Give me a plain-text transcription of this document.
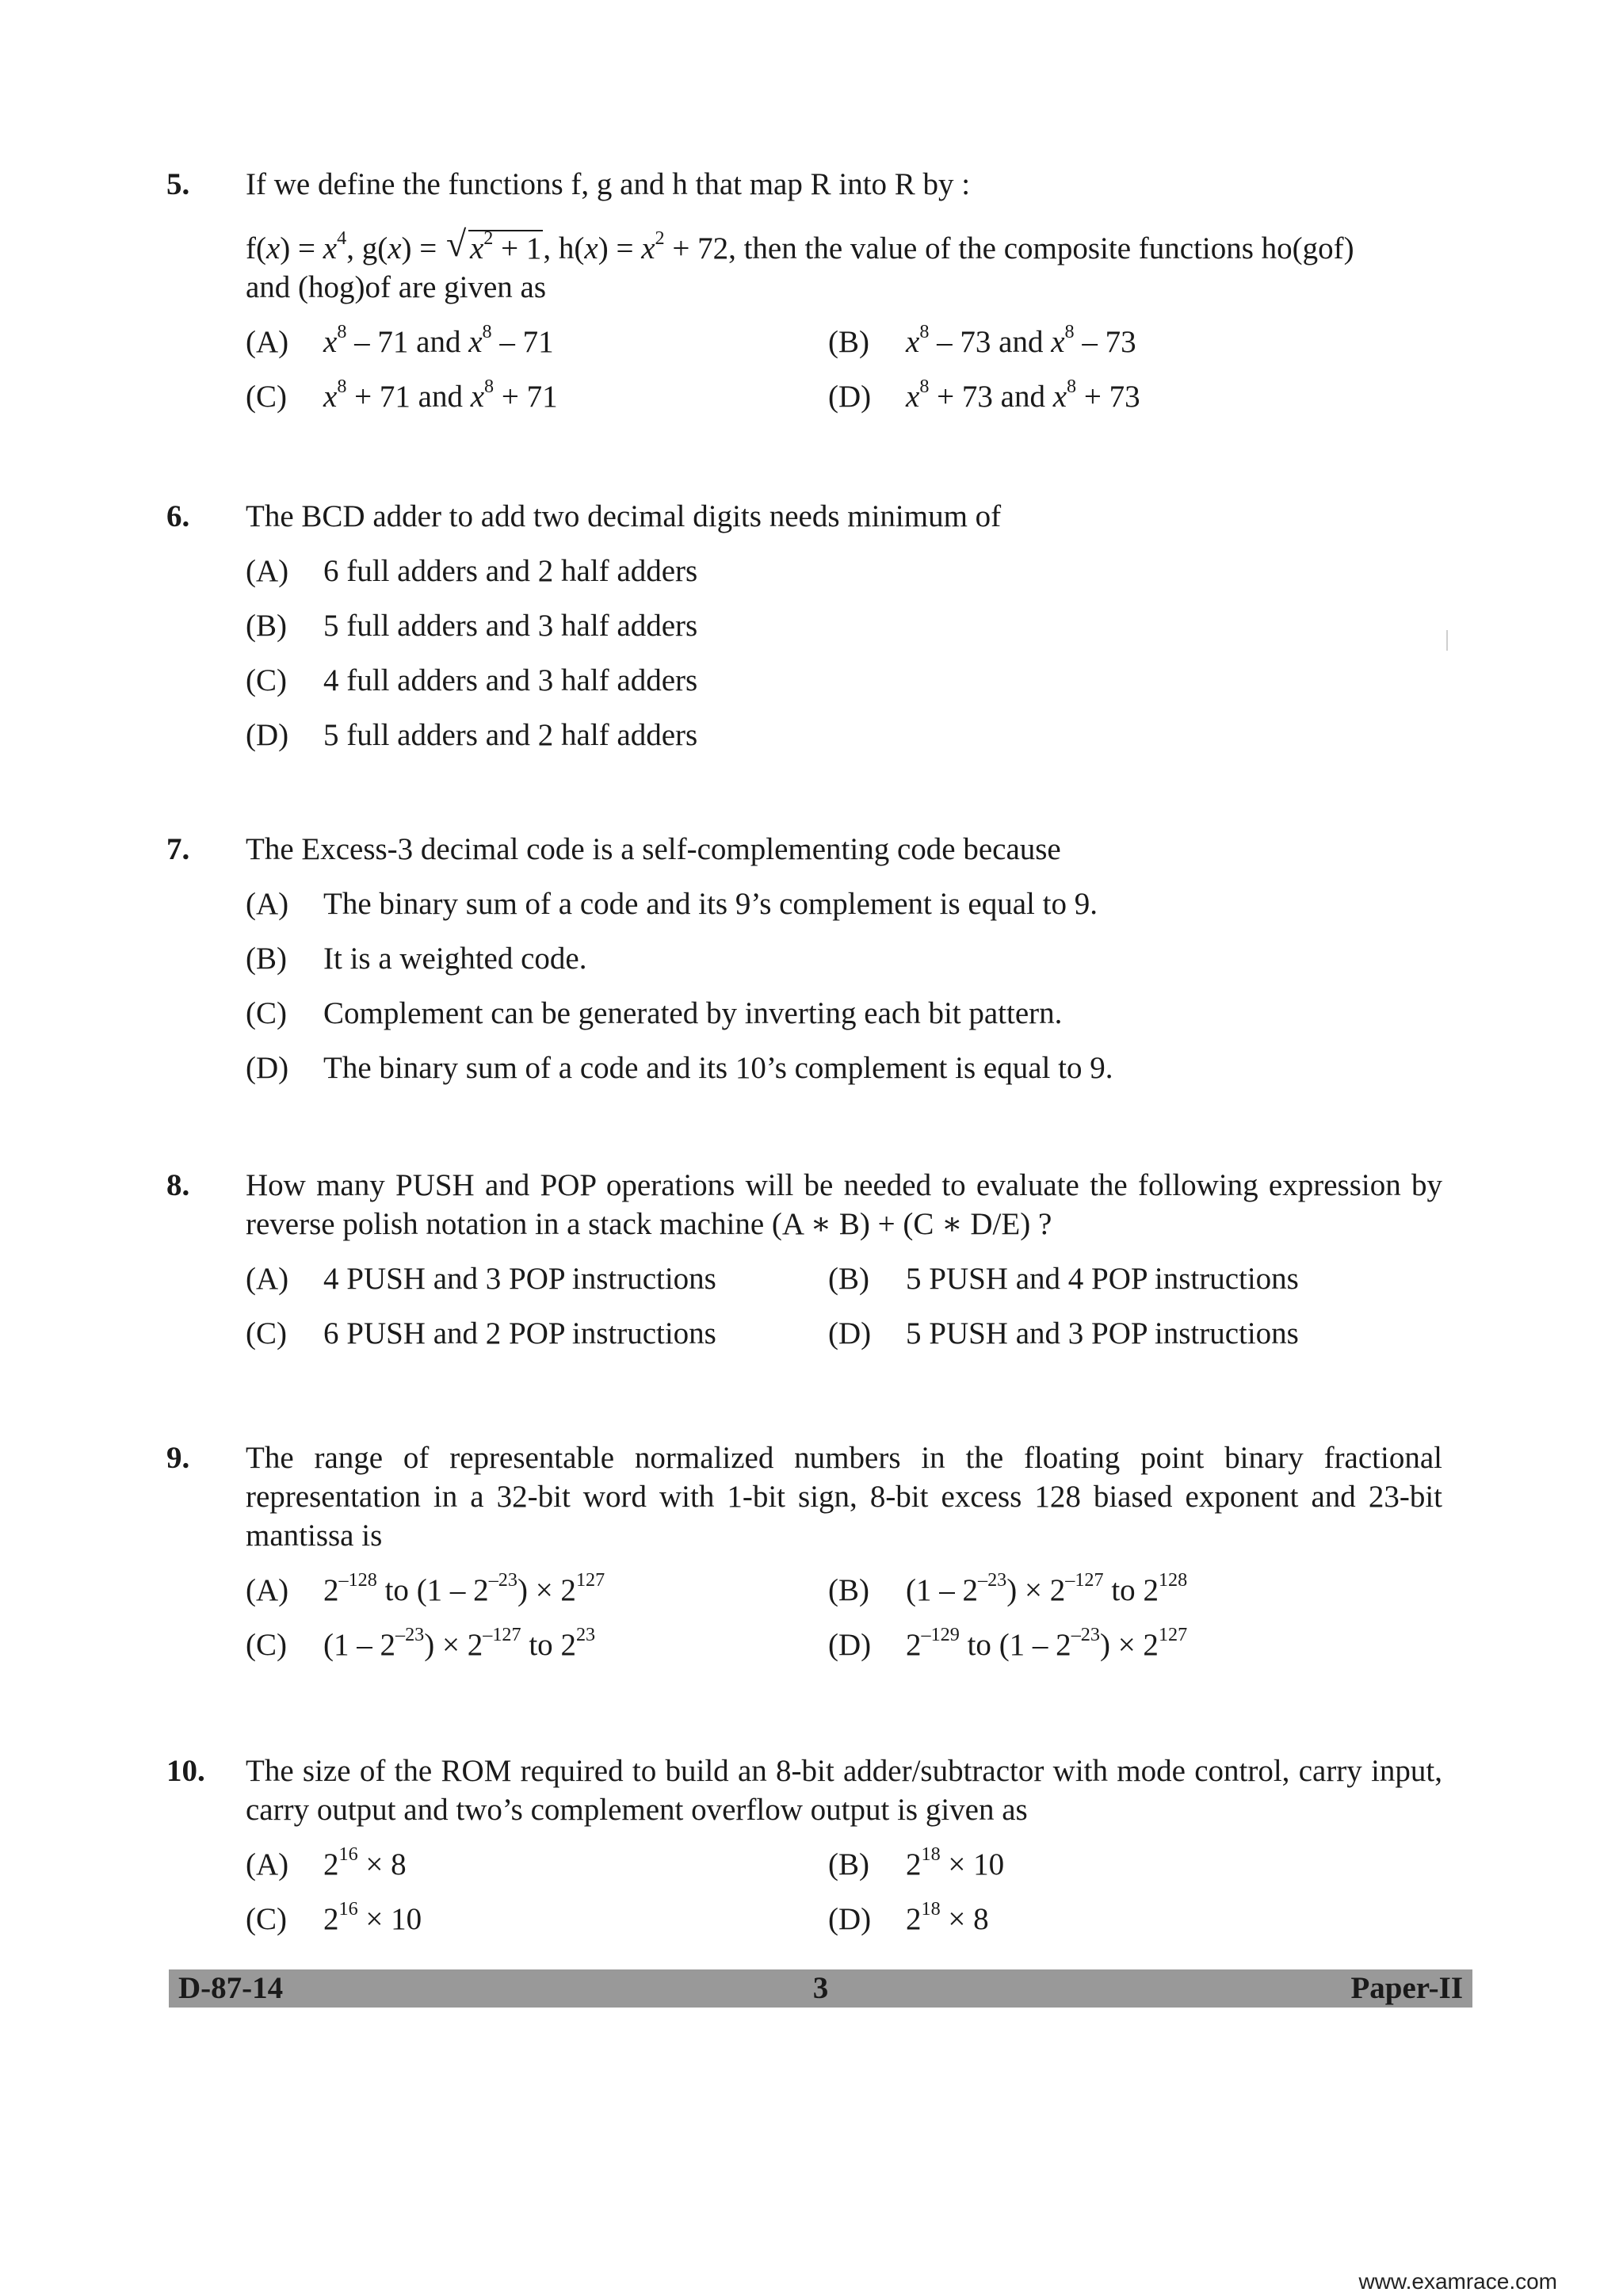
5. If we define the functions f, g and h that map R into R by :
$f(x) = x^4$, g(x) = √ $x^2 + 1$, $h(x) = x^2 + 72$, then the value of the composite functions ho(gof)
and (hog)of are given as
(A)	$x^8 - 71$ and $x^8 - 71$	(B)	$x^8 - 73$ and $x^8 - 73$
(C)	$x^8 + 71$ and $x^8 + 71$	(D)	$x^8 + 73$ and $x^8 + 73$
6. The BCD adder to add two decimal digits needs minimum of
(A)	6 full adders and 2 half adders
(B)	5 full adders and 3 half adders
(C)	4 full adders and 3 half adders
(D)	5 full adders and 2 half adders
7. The Excess-3 decimal code is a self-complementing code because
(A)	The binary sum of a code and its 9’s complement is equal to 9.
(B)	It is a weighted code.
(C)	Complement can be generated by inverting each bit pattern.
(D)	The binary sum of a code and its 10’s complement is equal to 9.
8. How many PUSH and POP operations will be needed to evaluate the following expression by reverse polish notation in a stack machine (A ∗ B) + (C ∗ D/E) ?
(A)	4 PUSH and 3 POP instructions	(B)	5 PUSH and 4 POP instructions
(C)	6 PUSH and 2 POP instructions	(D)	5 PUSH and 3 POP instructions
9. The range of representable normalized numbers in the floating point binary fractional representation in a 32-bit word with 1-bit sign, 8-bit excess 128 biased exponent and 23-bit mantissa is
(A)	$2^{-128}$ to $(1 - 2^{-23}) \times 2^{127}$	(B)	$(1 - 2^{-23}) \times 2^{-127}$ to $2^{128}$
(C)	$(1 - 2^{-23}) \times 2^{-127}$ to $2^{23}$	(D)	$2^{-129}$ to $(1 - 2^{-23}) \times 2^{127}$
10. The size of the ROM required to build an 8-bit adder/subtractor with mode control, carry input, carry output and two’s complement overflow output is given as
(A)	$2^{16} \times 8$	(B)	$2^{18} \times 10$
(C)	$2^{16} \times 10$	(D)	$2^{18} \times 8$
D-87-14	3	Paper-II
www.examrace.com
